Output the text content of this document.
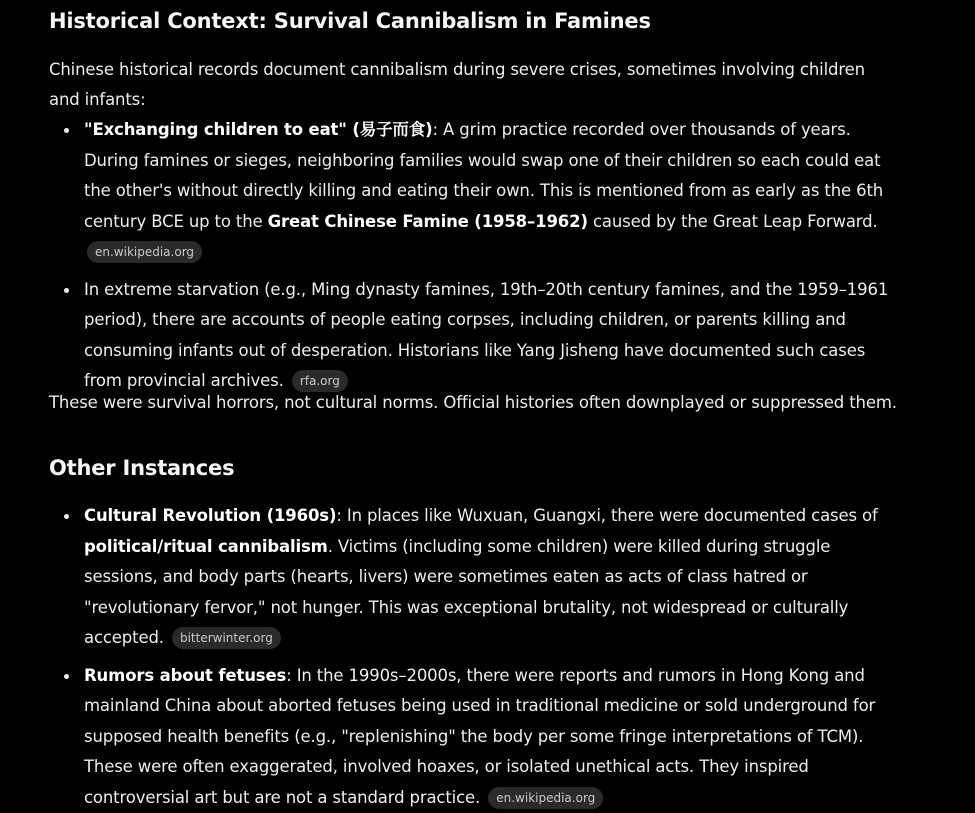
Historical Context: Survival Cannibalism in Famines
Chinese historical records document cannibalism during severe crises, sometimes involving children and infants:
"Exchanging children to eat" (易子而食): A grim practice recorded over thousands of years. During famines or sieges, neighboring families would swap one of their children so each could eat the other's without directly killing and eating their own. This is mentioned from as early as the 6th century BCE up to the Great Chinese Famine (1958–1962) caused by the Great Leap Forward. en.wikipedia.org
In extreme starvation (e.g., Ming dynasty famines, 19th–20th century famines, and the 1959–1961 period), there are accounts of people eating corpses, including children, or parents killing and consuming infants out of desperation. Historians like Yang Jisheng have documented such cases from provincial archives. rfa.org
These were survival horrors, not cultural norms. Official histories often downplayed or suppressed them.
Other Instances
Cultural Revolution (1960s): In places like Wuxuan, Guangxi, there were documented cases of political/ritual cannibalism. Victims (including some children) were killed during struggle sessions, and body parts (hearts, livers) were sometimes eaten as acts of class hatred or "revolutionary fervor," not hunger. This was exceptional brutality, not widespread or culturally accepted. bitterwinter.org
Rumors about fetuses: In the 1990s–2000s, there were reports and rumors in Hong Kong and mainland China about aborted fetuses being used in traditional medicine or sold underground for supposed health benefits (e.g., "replenishing" the body per some fringe interpretations of TCM). These were often exaggerated, involved hoaxes, or isolated unethical acts. They inspired controversial art but are not a standard practice. en.wikipedia.org
